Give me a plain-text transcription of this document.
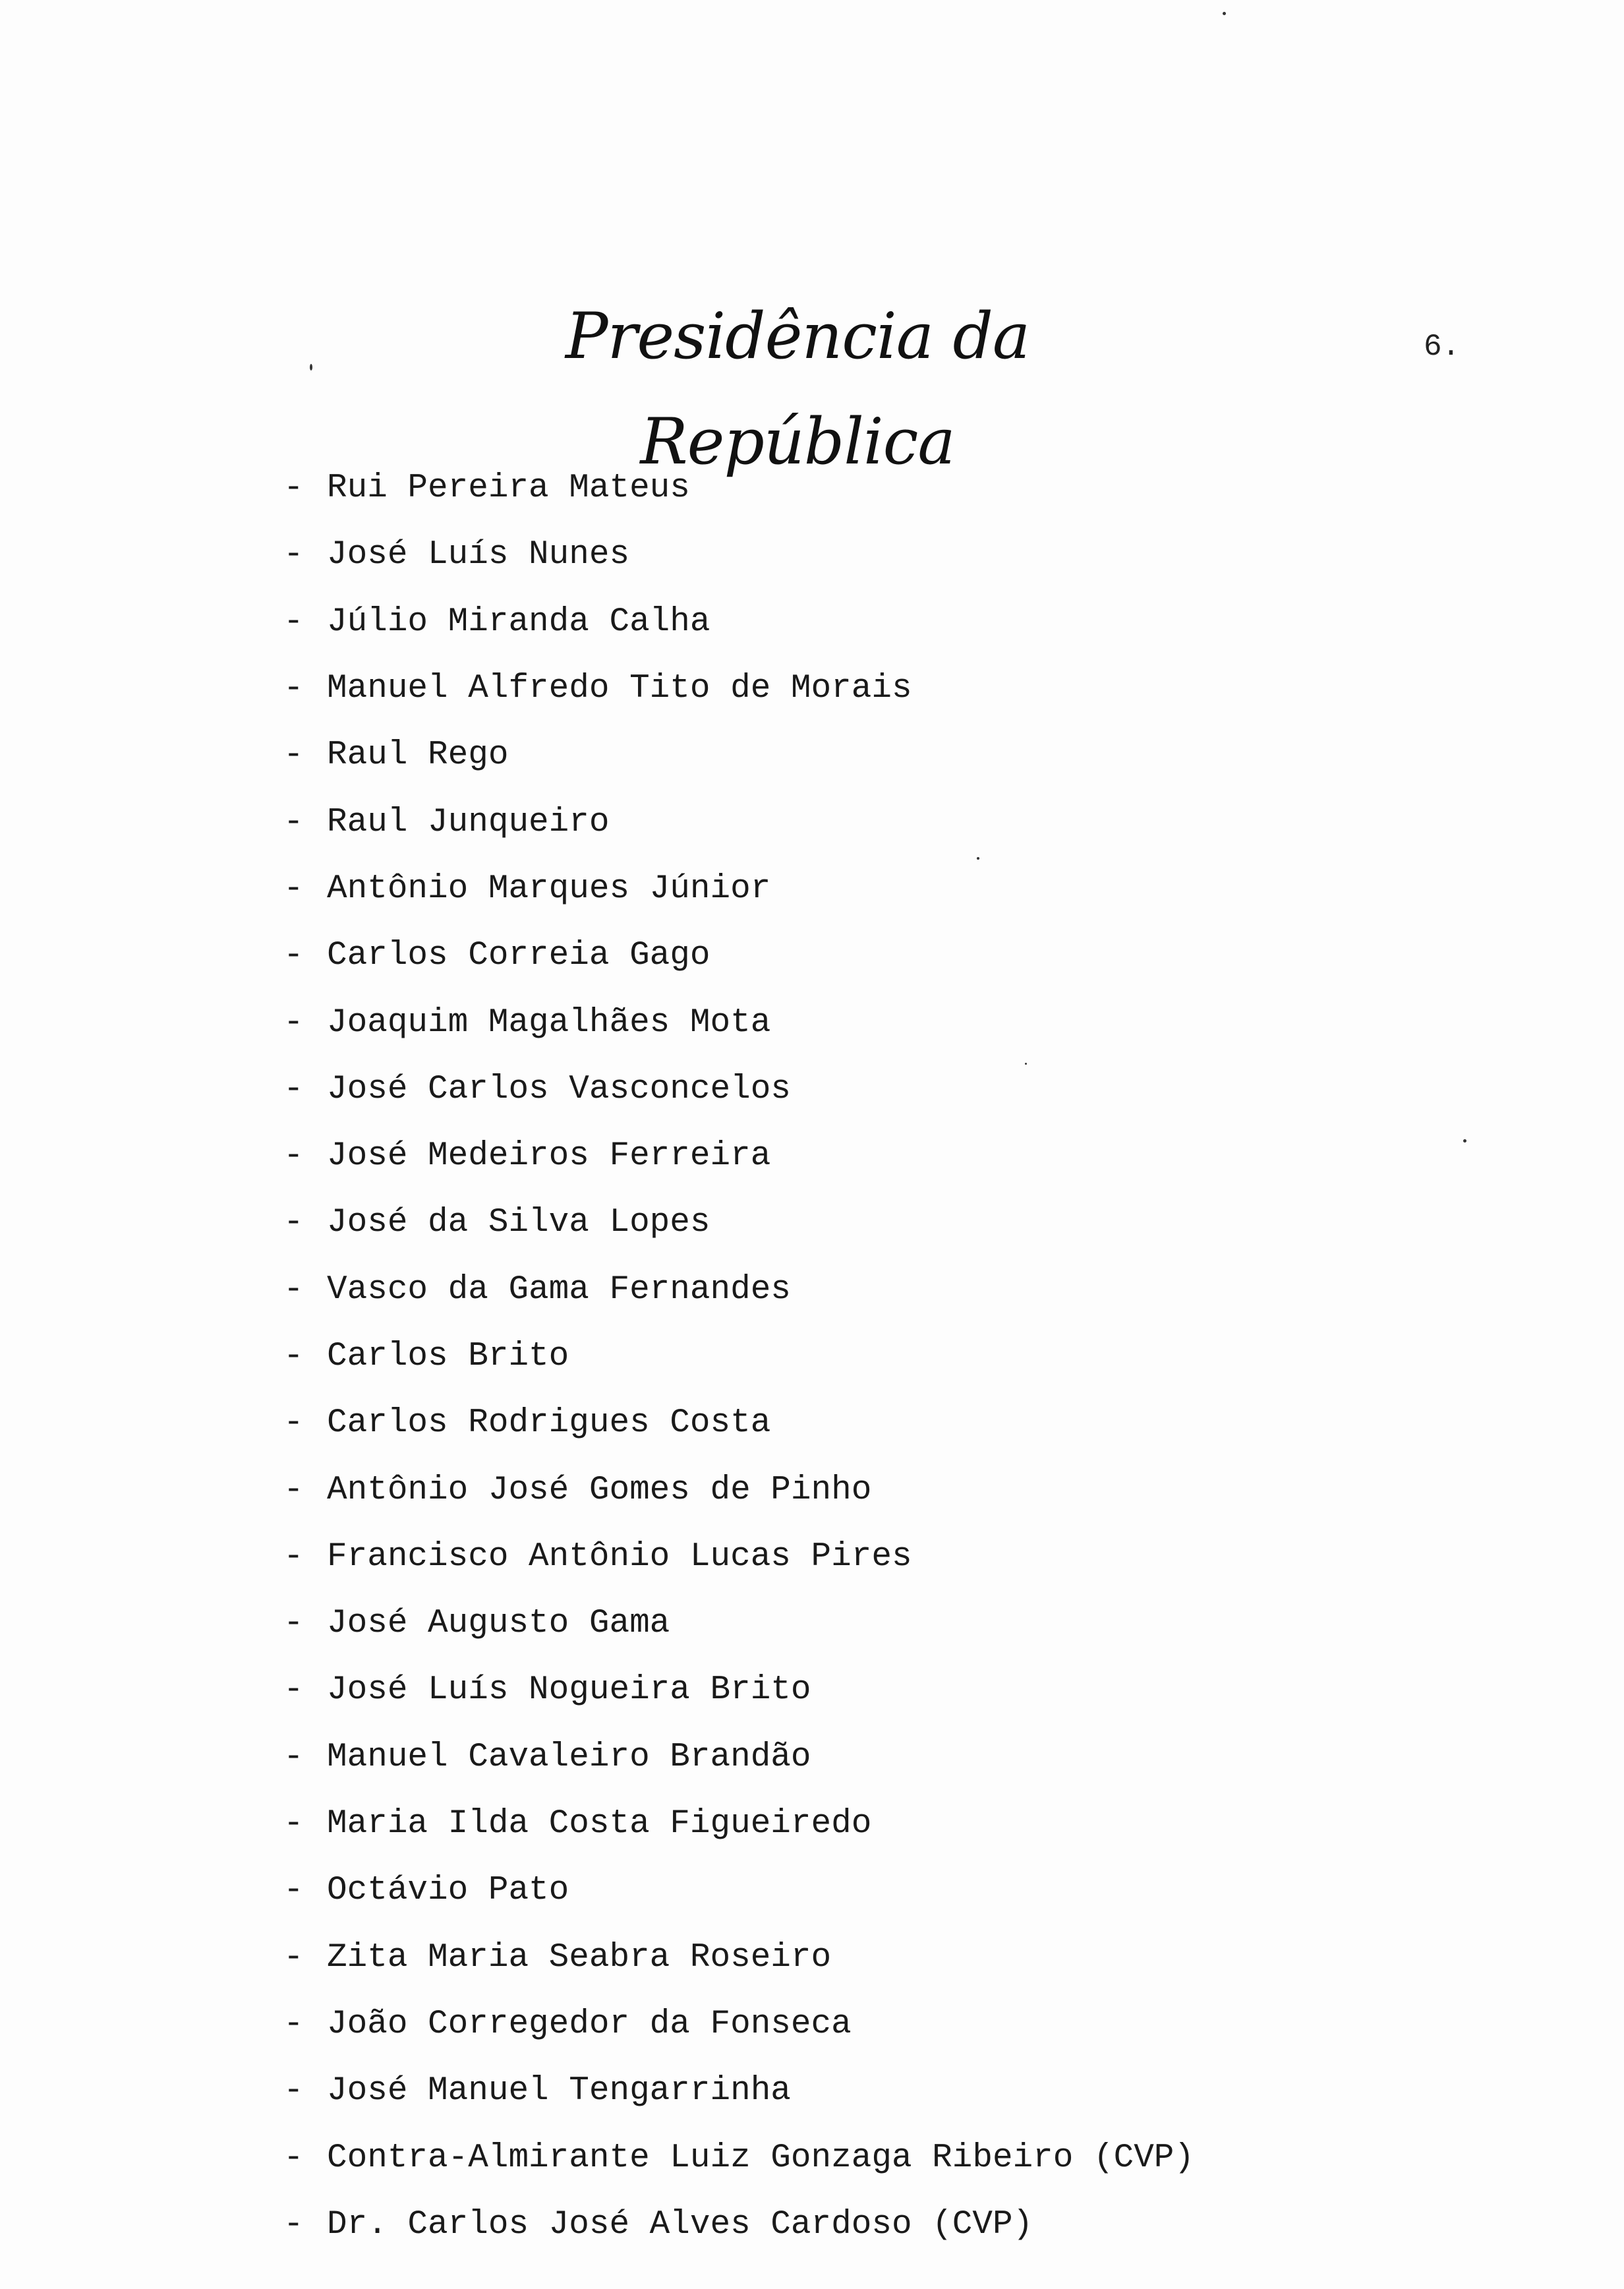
Presidência da República
6.
- Rui Pereira Mateus
- José Luís Nunes
- Júlio Miranda Calha
- Manuel Alfredo Tito de Morais
- Raul Rego
- Raul Junqueiro
- Antônio Marques Júnior
- Carlos Correia Gago
- Joaquim Magalhães Mota
- José Carlos Vasconcelos
- José Medeiros Ferreira
- José da Silva Lopes
- Vasco da Gama Fernandes
- Carlos Brito
- Carlos Rodrigues Costa
- Antônio José Gomes de Pinho
- Francisco Antônio Lucas Pires
- José Augusto Gama
- José Luís Nogueira Brito
- Manuel Cavaleiro Brandão
- Maria Ilda Costa Figueiredo
- Octávio Pato
- Zita Maria Seabra Roseiro
- João Corregedor da Fonseca
- José Manuel Tengarrinha
- Contra-Almirante Luiz Gonzaga Ribeiro (CVP)
- Dr. Carlos José Alves Cardoso (CVP)
